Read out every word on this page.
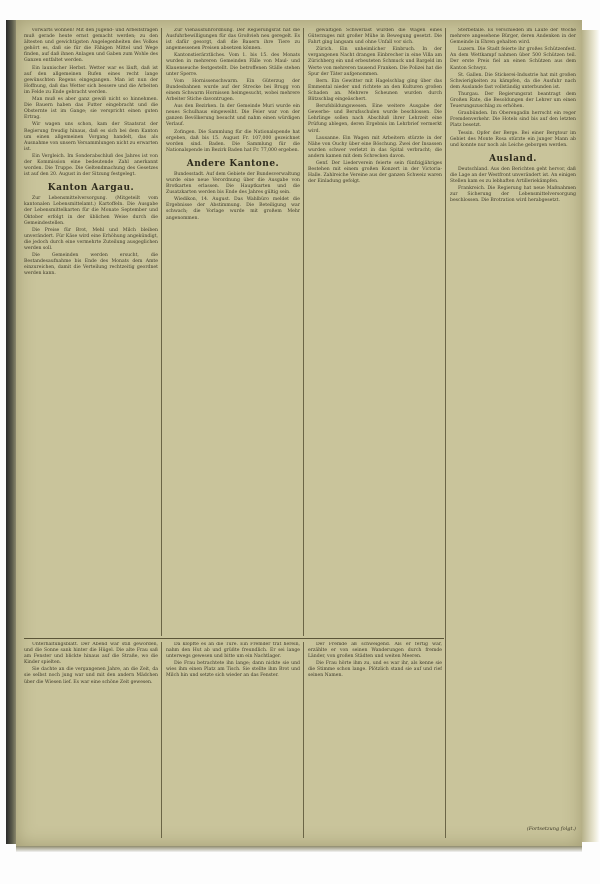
vorwärts wohnen! Mit den Jugend- und Arbeitsfragen muß gerade heute ernst gemacht werden; zu den ältesten und gewichtigsten Angelegenheiten des Volkes gehört es, daß sie für die Fähigen Mittel und Wege finden, auf daß ihnen Anlagen und Gaben zum Wohle des Ganzen entfaltet werden.

Ein launischer Herbst. Wetter war es läuft, daß ist auf den allgemeinen Rufen eines recht lange gewünschten Regens eingegangen. Man ist nun der Hoffnung, daß das Wetter sich bessere und die Arbeiten im Felde zu Ende gebracht werden.

Man muß es aber ganz gewiß nicht so hinnehmen. Die Bauern haben das Futter eingebracht und die Obsternte ist im Gange; sie verspricht einen guten Ertrag.

Wir wagen uns schon, kam der Staatsrat der Regierung freudig hinaus, daß es sich bei dem Kanton um einen allgemeinen Vorgang handelt, das als Ausnahme von unsern Versammlungen nicht zu erwarten ist.

Ein Vergleich. Im Sonderabschluß des Jahres ist von der Kommission eine bedeutende Zahl anerkannt worden. Die Truppe. Die Geltendmachung des Gesetzes ist auf den 20. August in der Sitzung festgelegt.

Kanton Aargau.

Zur Lebensmittelversorgung. (Mitgeteilt vom kantonalen Lebensmittelamt.) Kartoffeln. Die Ausgabe der Lebensmittelkarten für die Monate September und Oktober erfolgt in der üblichen Weise durch die Gemeindestellen.

Die Preise für Brot, Mehl und Milch bleiben unverändert. Für Käse wird eine Erhöhung angekündigt, die jedoch durch eine vermehrte Zuteilung ausgeglichen werden soll.

Die Gemeinden werden ersucht, die Bestandesaufnahme bis Ende des Monats dem Amte einzureichen, damit die Verteilung rechtzeitig geordnet werden kann.

Zur Viehausfuhrordnung. Der Regierungsrat hat die Ausfuhrbewilligungen für das Großvieh neu geregelt. Es ist dafür gesorgt, daß die Bauern ihre Tiere zu angemessenen Preisen absetzen können.

Kantonstierärztliches. Vom 1. bis 15. des Monats wurden in mehreren Gemeinden Fälle von Maul- und Klauenseuche festgestellt. Die betroffenen Ställe stehen unter Sperre.

Vom Hornissenschwarm. Ein Güterzug der Bundesbahnen wurde auf der Strecke bei Brugg von einem Schwarm Hornissen heimgesucht, wobei mehrere Arbeiter Stiche davontrugen.

Aus den Bezirken. In der Gemeinde Muri wurde ein neues Schulhaus eingeweiht. Die Feier war von der ganzen Bevölkerung besucht und nahm einen würdigen Verlauf.

Zofingen. Die Sammlung für die Nationalspende hat ergeben, daß bis 15. August Fr. 107,000 gezeichnet worden sind. Baden. Die Sammlung für die Nationalspende im Bezirk Baden hat Fr. 77,000 ergeben.

Andere Kantone.

Bundesstadt. Auf dem Gebiete der Bundesverwaltung wurde eine neue Verordnung über die Ausgabe von Brotkarten erlassen. Die Hauptkarten und die Zusatzkarten werden bis Ende des Jahres gültig sein.

Wiedikon, 14. August. Das Wahlbüro meldet die Ergebnisse der Abstimmung. Die Beteiligung war schwach; die Vorlage wurde mit großem Mehr angenommen.

gewaltigen Schwerlast wurden die Wagen eines Güterzuges mit großer Mühe in Bewegung gesetzt. Die Fahrt ging langsam und ohne Unfall vor sich.

Zürich. Ein unheimlicher Einbruch. In der vergangenen Nacht drangen Einbrecher in eine Villa am Zürichberg ein und erbeuteten Schmuck und Bargeld im Werte von mehreren tausend Franken. Die Polizei hat die Spur der Täter aufgenommen.

Bern. Ein Gewitter mit Hagelschlag ging über das Emmental nieder und richtete an den Kulturen großen Schaden an. Mehrere Scheunen wurden durch Blitzschlag eingeäschert.

Berufsbildungswesen. Eine weitere Ausgabe der Gewerbe- und Berufsschulen wurde beschlossen. Die Lehrlinge sollen nach Abschluß ihrer Lehrzeit eine Prüfung ablegen, deren Ergebnis im Lehrbrief vermerkt wird.

Lausanne. Ein Wagen mit Arbeitern stürzte in der Nähe von Ouchy über eine Böschung. Zwei der Insassen wurden schwer verletzt in das Spital verbracht; die andern kamen mit dem Schrecken davon.

Genf. Der Liederverein feierte sein fünfzigjähriges Bestehen mit einem großen Konzert in der Victoria-Halle. Zahlreiche Vereine aus der ganzen Schweiz waren der Einladung gefolgt.

Sterbefälle. Es verschieden im Laufe der Woche mehrere angesehene Bürger, deren Andenken in der Gemeinde in Ehren gehalten wird.

Luzern. Die Stadt feierte ihr großes Schützenfest. An dem Wettkampf nahmen über 500 Schützen teil. Der erste Preis fiel an einen Schützen aus dem Kanton Schwyz.

St. Gallen. Die Stickerei-Industrie hat mit großen Schwierigkeiten zu kämpfen, da die Ausfuhr nach dem Auslande fast vollständig unterbunden ist.

Thurgau. Der Regierungsrat beantragt dem Großen Rate, die Besoldungen der Lehrer um einen Teuerungszuschlag zu erhöhen.

Graubünden. Im Oberengadin herrscht ein reger Fremdenverkehr. Die Hotels sind bis auf den letzten Platz besetzt.

Tessin. Opfer der Berge. Bei einer Bergtour im Gebiet des Monte Rosa stürzte ein junger Mann ab und konnte nur noch als Leiche geborgen werden.

Ausland.

Deutschland. Aus den Berichten geht hervor, daß die Lage an der Westfront unverändert ist. An einigen Stellen kam es zu lebhaften Artilleriekämpfen.

Frankreich. Die Regierung hat neue Maßnahmen zur Sicherung der Lebensmittelversorgung beschlossen. Die Brotration wird herabgesetzt.

Unterhaltungsblatt. Der Abend war still geworden, und die Sonne sank hinter die Hügel. Die alte Frau saß am Fenster und blickte hinaus auf die Straße, wo die Kinder spielten.

Sie dachte an die vergangenen Jahre, an die Zeit, da sie selbst noch jung war und mit den andern Mädchen über die Wiesen lief. Es war eine schöne Zeit gewesen.

Da klopfte es an die Türe. Ein Fremder trat herein, nahm den Hut ab und grüßte freundlich. Er sei lange unterwegs gewesen und bitte um ein Nachtlager.

Die Frau betrachtete ihn lange; dann nickte sie und wies ihm einen Platz am Tisch. Sie stellte ihm Brot und Milch hin und setzte sich wieder an das Fenster.

Der Fremde aß schweigend. Als er fertig war, erzählte er von seinen Wanderungen durch fremde Länder, von großen Städten und weiten Meeren.

Die Frau hörte ihm zu, und es war ihr, als kenne sie die Stimme schon lange. Plötzlich stand sie auf und rief seinen Namen.

(Fortsetzung folgt.)
